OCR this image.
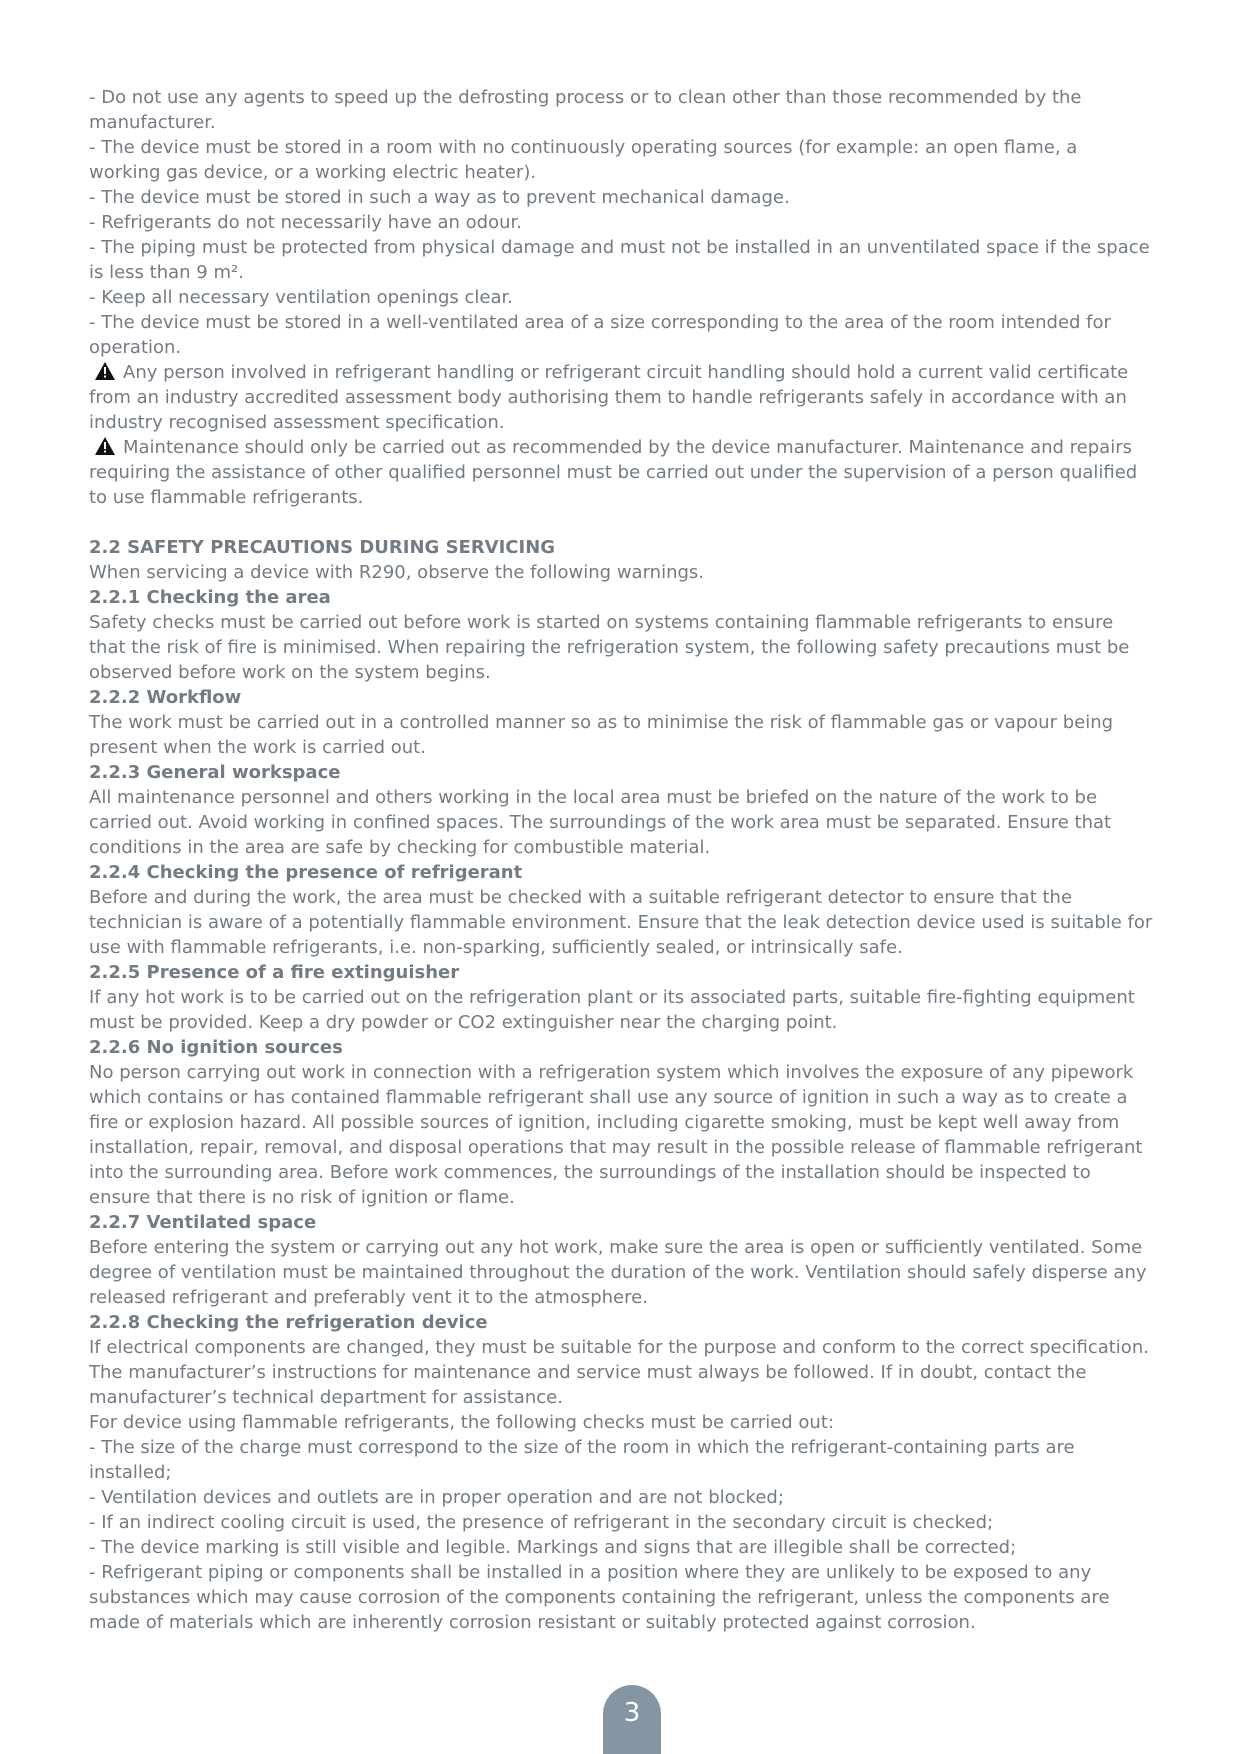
- Do not use any agents to speed up the defrosting process or to clean other than those recommended by the manufacturer.

- The device must be stored in a room with no continuously operating sources (for example: an open flame, a working gas device, or a working electric heater).

- The device must be stored in such a way as to prevent mechanical damage.

- Refrigerants do not necessarily have an odour.

- The piping must be protected from physical damage and must not be installed in an unventilated space if the space is less than 9 m².

- Keep all necessary ventilation openings clear.

- The device must be stored in a well-ventilated area of a size corresponding to the area of the room intended for operation.

Any person involved in refrigerant handling or refrigerant circuit handling should hold a current valid certificate from an industry accredited assessment body authorising them to handle refrigerants safely in accordance with an industry recognised assessment specification.

Maintenance should only be carried out as recommended by the device manufacturer. Maintenance and repairs requiring the assistance of other qualified personnel must be carried out under the supervision of a person qualified to use flammable refrigerants.

2.2 SAFETY PRECAUTIONS DURING SERVICING

When servicing a device with R290, observe the following warnings.

2.2.1 Checking the area

Safety checks must be carried out before work is started on systems containing flammable refrigerants to ensure that the risk of fire is minimised. When repairing the refrigeration system, the following safety precautions must be observed before work on the system begins.

2.2.2 Workflow

The work must be carried out in a controlled manner so as to minimise the risk of flammable gas or vapour being present when the work is carried out.

2.2.3 General workspace

All maintenance personnel and others working in the local area must be briefed on the nature of the work to be carried out. Avoid working in confined spaces. The surroundings of the work area must be separated. Ensure that conditions in the area are safe by checking for combustible material.

2.2.4 Checking the presence of refrigerant

Before and during the work, the area must be checked with a suitable refrigerant detector to ensure that the technician is aware of a potentially flammable environment. Ensure that the leak detection device used is suitable for use with flammable refrigerants, i.e. non-sparking, sufficiently sealed, or intrinsically safe.

2.2.5 Presence of a fire extinguisher

If any hot work is to be carried out on the refrigeration plant or its associated parts, suitable fire-fighting equipment must be provided. Keep a dry powder or CO2 extinguisher near the charging point.

2.2.6 No ignition sources

No person carrying out work in connection with a refrigeration system which involves the exposure of any pipework which contains or has contained flammable refrigerant shall use any source of ignition in such a way as to create a fire or explosion hazard. All possible sources of ignition, including cigarette smoking, must be kept well away from installation, repair, removal, and disposal operations that may result in the possible release of flammable refrigerant into the surrounding area. Before work commences, the surroundings of the installation should be inspected to ensure that there is no risk of ignition or flame.

2.2.7 Ventilated space

Before entering the system or carrying out any hot work, make sure the area is open or sufficiently ventilated. Some degree of ventilation must be maintained throughout the duration of the work. Ventilation should safely disperse any released refrigerant and preferably vent it to the atmosphere.

2.2.8 Checking the refrigeration device

If electrical components are changed, they must be suitable for the purpose and conform to the correct specification. The manufacturer’s instructions for maintenance and service must always be followed. If in doubt, contact the manufacturer’s technical department for assistance.

For device using flammable refrigerants, the following checks must be carried out:

- The size of the charge must correspond to the size of the room in which the refrigerant-containing parts are installed;

- Ventilation devices and outlets are in proper operation and are not blocked;

- If an indirect cooling circuit is used, the presence of refrigerant in the secondary circuit is checked;

- The device marking is still visible and legible. Markings and signs that are illegible shall be corrected;

- Refrigerant piping or components shall be installed in a position where they are unlikely to be exposed to any substances which may cause corrosion of the components containing the refrigerant, unless the components are made of materials which are inherently corrosion resistant or suitably protected against corrosion.

3
